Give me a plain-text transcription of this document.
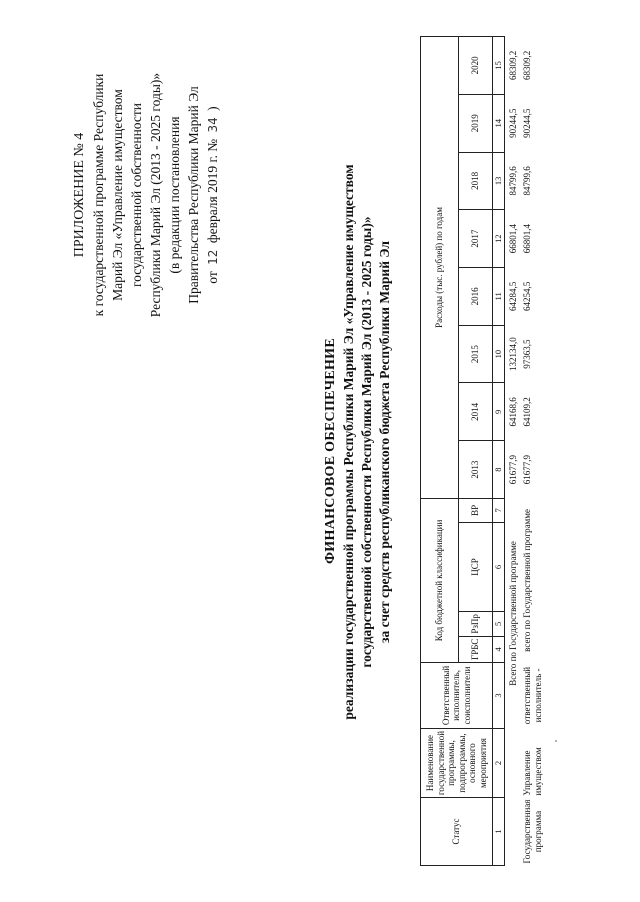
ПРИЛОЖЕНИЕ № 4 к государственной программе Республики Марий Эл «Управление имуществом государственной собственности Республики Марий Эл (2013 - 2025 годы)» (в редакции постановления Правительства Республики Марий Эл от 12 февраля 2019 г. № 34 )
ФИНАНСОВОЕ ОБЕСПЕЧЕНИЕ реализации государственной программы Республики Марий Эл «Управление имуществом государственной собственности Республики Марий Эл (2013 - 2025 годы)» за счет средств республиканского бюджета Республики Марий Эл
Статус	Наименование государственной программы, подпрограммы, основного мероприятия	Ответственный исполнитель, соисполнители	Код бюджетной классификации				Расходы (тыс. рублей) по годам							
			ГРБС	РзПр	ЦСР	ВР	2013	2014	2015	2016	2017	2018	2019	2020
1	2	3	4	5	6	7	8	9	10	11	12	13	14	15
		Всего по Государственной программе					61677,9	64168,6	132134,0	64284,5	66801,4	84799,6	90244,5	68309,2
Государственная программа	Управление имуществом	ответственный исполнитель -	всего по Государственной программе				61677,9	64109,2	97363,5	64254,5	66801,4	84799,6	90244,5	68309,2
